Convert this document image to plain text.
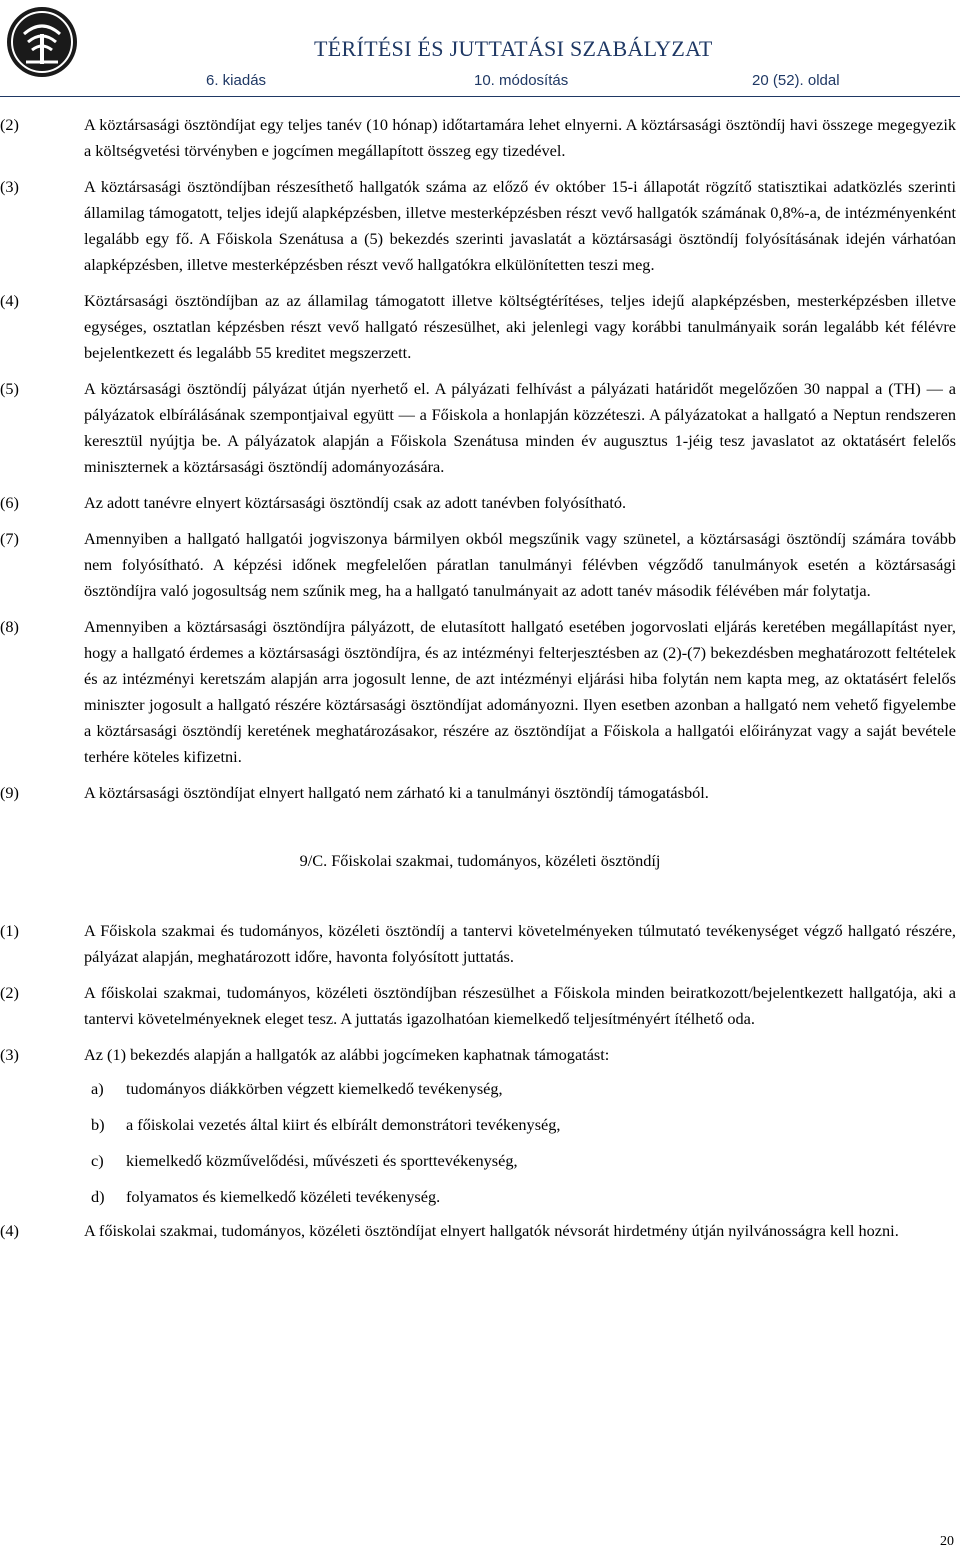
TÉRÍTÉSI ÉS JUTTATÁSI SZABÁLYZAT
6. kiadás	10. módosítás	20 (52). oldal
(2)	A köztársasági ösztöndíjat egy teljes tanév (10 hónap) időtartamára lehet elnyerni. A köztársasági ösztöndíj havi összege megegyezik a költségvetési törvényben e jogcímen megállapított összeg egy tizedével.
(3)	A köztársasági ösztöndíjban részesíthető hallgatók száma az előző év október 15-i állapotát rögzítő statisztikai adatközlés szerinti államilag támogatott, teljes idejű alapképzésben, illetve mesterképzésben részt vevő hallgatók számának 0,8%-a, de intézményenként legalább egy fő. A Főiskola Szenátusa a (5) bekezdés szerinti javaslatát a köztársasági ösztöndíj folyósításának idején várhatóan alapképzésben, illetve mesterképzésben részt vevő hallgatókra elkülönítetten teszi meg.
(4)	Köztársasági ösztöndíjban az az államilag támogatott illetve költségtérítéses, teljes idejű alapképzésben, mesterképzésben illetve egységes, osztatlan képzésben részt vevő hallgató részesülhet, aki jelenlegi vagy korábbi tanulmányaik során legalább két félévre bejelentkezett és legalább 55 kreditet megszerzett.
(5)	A köztársasági ösztöndíj pályázat útján nyerhető el. A pályázati felhívást a pályázati határidőt megelőzően 30 nappal a (TH) — a pályázatok elbírálásának szempontjaival együtt — a Főiskola a honlapján közzéteszi. A pályázatokat a hallgató a Neptun rendszeren keresztül nyújtja be. A pályázatok alapján a Főiskola Szenátusa minden év augusztus 1-jéig tesz javaslatot az oktatásért felelős miniszternek a köztársasági ösztöndíj adományozására.
(6)	Az adott tanévre elnyert köztársasági ösztöndíj csak az adott tanévben folyósítható.
(7)	Amennyiben a hallgató hallgatói jogviszonya bármilyen okból megszűnik vagy szünetel, a köztársasági ösztöndíj számára tovább nem folyósítható. A képzési időnek megfelelően páratlan tanulmányi félévben végződő tanulmányok esetén a köztársasági ösztöndíjra való jogosultság nem szűnik meg, ha a hallgató tanulmányait az adott tanév második félévében már folytatja.
(8)	Amennyiben a köztársasági ösztöndíjra pályázott, de elutasított hallgató esetében jogorvoslati eljárás keretében megállapítást nyer, hogy a hallgató érdemes a köztársasági ösztöndíjra, és az intézményi felterjesztésben az (2)-(7) bekezdésben meghatározott feltételek és az intézményi keretszám alapján arra jogosult lenne, de azt intézményi eljárási hiba folytán nem kapta meg, az oktatásért felelős miniszter jogosult a hallgató részére köztársasági ösztöndíjat adományozni. Ilyen esetben azonban a hallgató nem vehető figyelembe a köztársasági ösztöndíj keretének meghatározásakor, részére az ösztöndíjat a Főiskola a hallgatói előirányzat vagy a saját bevétele terhére köteles kifizetni.
(9)	A köztársasági ösztöndíjat elnyert hallgató nem zárható ki a tanulmányi ösztöndíj támogatásból.
9/C. Főiskolai szakmai, tudományos, közéleti ösztöndíj
(1)	A Főiskola szakmai és tudományos, közéleti ösztöndíj a tantervi követelményeken túlmutató tevékenységet végző hallgató részére, pályázat alapján, meghatározott időre, havonta folyósított juttatás.
(2)	A főiskolai szakmai, tudományos, közéleti ösztöndíjban részesülhet a Főiskola minden beiratkozott/bejelentkezett hallgatója, aki a tantervi követelményeknek eleget tesz. A juttatás igazolhatóan kiemelkedő teljesítményért ítélhető oda.
(3)	Az (1) bekezdés alapján a hallgatók az alábbi jogcímeken kaphatnak támogatást:
a) tudományos diákkörben végzett kiemelkedő tevékenység,
b) a főiskolai vezetés által kiirt és elbírált demonstrátori tevékenység,
c) kiemelkedő közművelődési, művészeti és sporttevékenység,
d) folyamatos és kiemelkedő közéleti tevékenység.
(4)	A főiskolai szakmai, tudományos, közéleti ösztöndíjat elnyert hallgatók névsorát hirdetmény útján nyilvánosságra kell hozni.
20
